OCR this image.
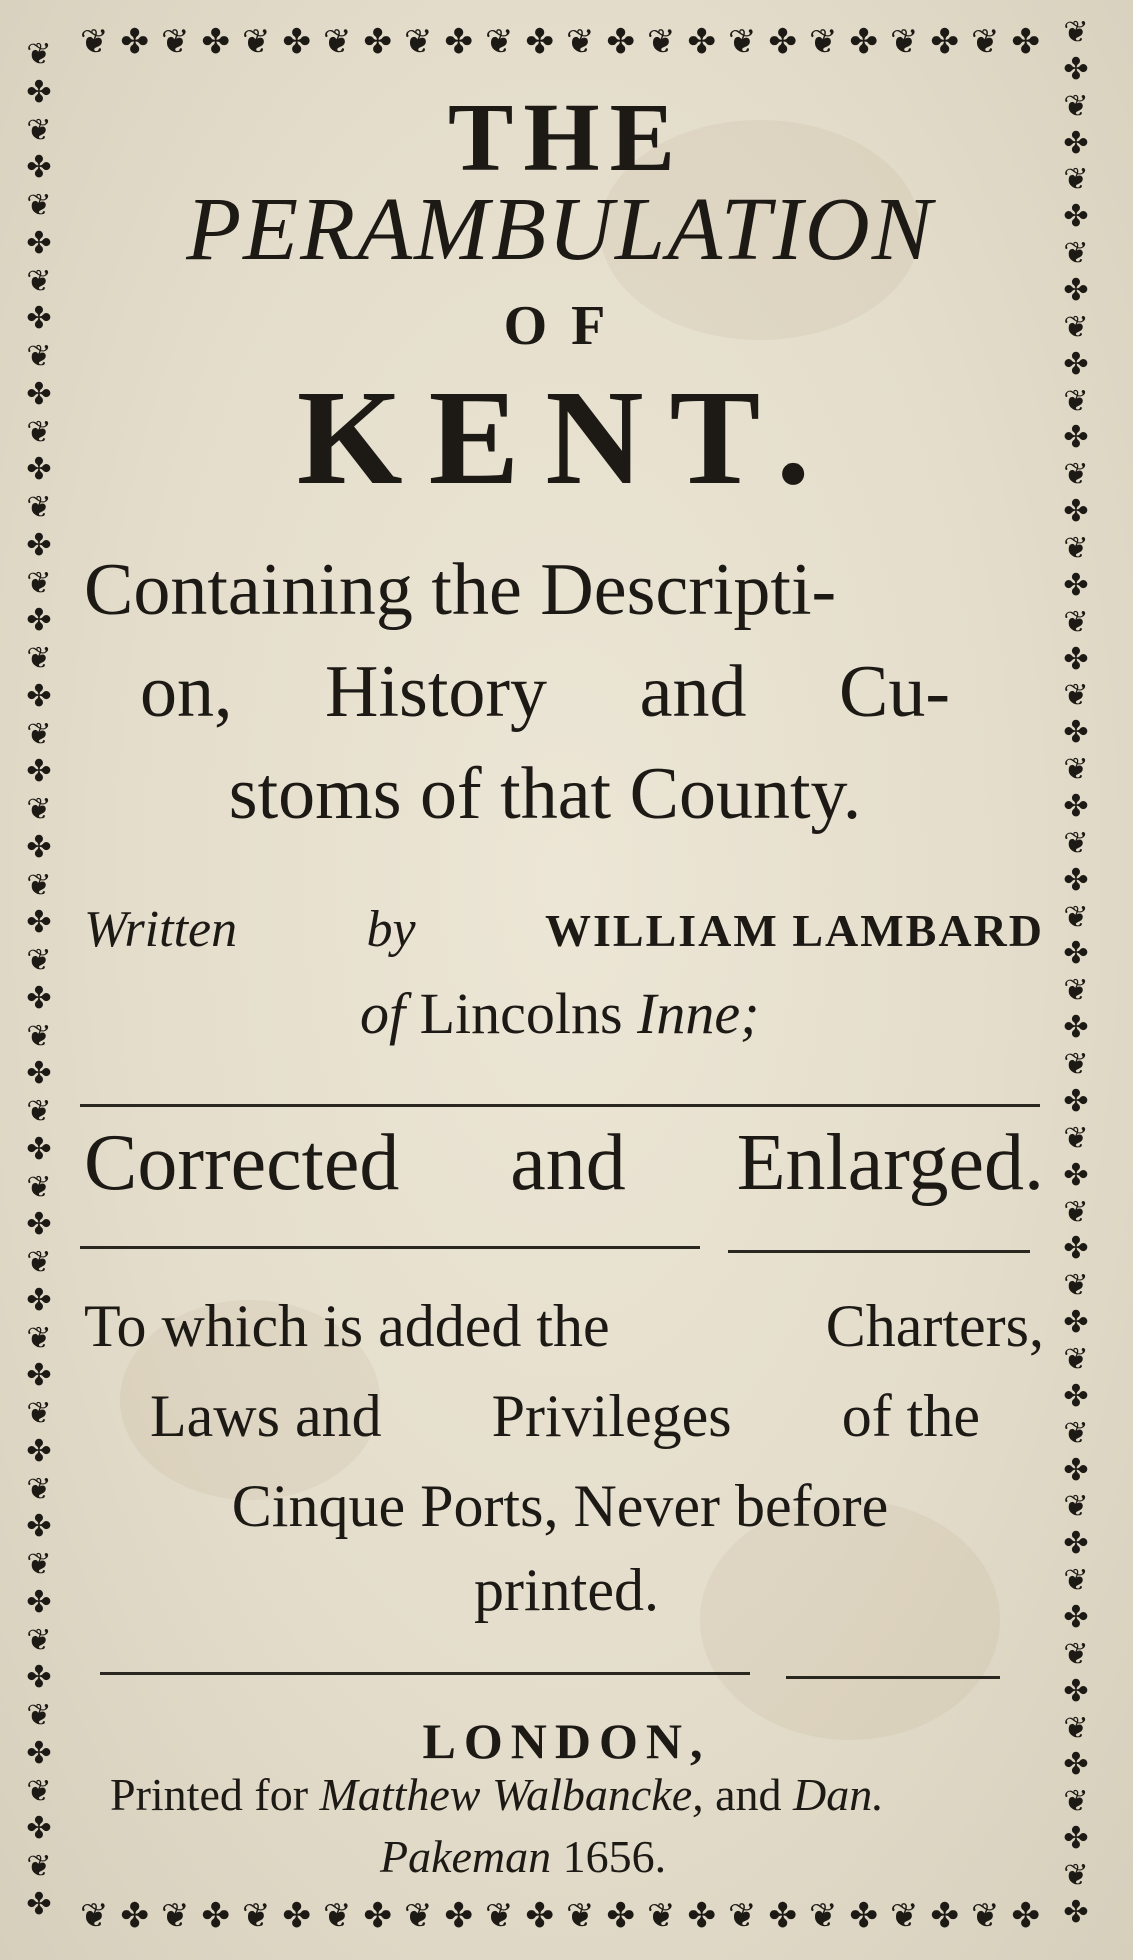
❦ ✤ ❦ ✤ ❦ ✤ ❦ ✤ ❦ ✤ ❦ ✤ ❦ ✤ ❦ ✤ ❦ ✤ ❦ ✤ ❦ ✤ ❦ ✤
❦ ✤ ❦ ✤ ❦ ✤ ❦ ✤ ❦ ✤ ❦ ✤ ❦ ✤ ❦ ✤ ❦ ✤ ❦ ✤ ❦ ✤ ❦ ✤
❦
✤
❦
✤
❦
✤
❦
✤
❦
✤
❦
✤
❦
✤
❦
✤
❦
✤
❦
✤
❦
✤
❦
✤
❦
✤
❦
✤
❦
✤
❦
✤
❦
✤
❦
✤
❦
✤
❦
✤
❦
✤
❦
✤
❦
✤
❦
✤
❦
✤
❦
✤
❦
✤
❦
✤
❦
✤
❦
✤
❦
✤
❦
✤
❦
✤
❦
✤
❦
✤
❦
✤
❦
✤
❦
✤
❦
✤
❦
✤
❦
✤
❦
✤
❦
✤
❦
✤
❦
✤
❦
✤
❦
✤
❦
✤
❦
✤
❦
✤
❦
✤
THE
PERAMBULATION
OF
KENT.
Containing the Descripti-
on, History and Cu-
stoms of that County.
Written by	WILLIAM LAMBARD
of Lincolns Inne;
Corrected and Enlarged.
To which is added the	Charters,
Laws and Privileges of the
Cinque Ports, Never before
printed.
LONDON,
Printed for Matthew Walbancke, and Dan.
Pakeman 1656.
